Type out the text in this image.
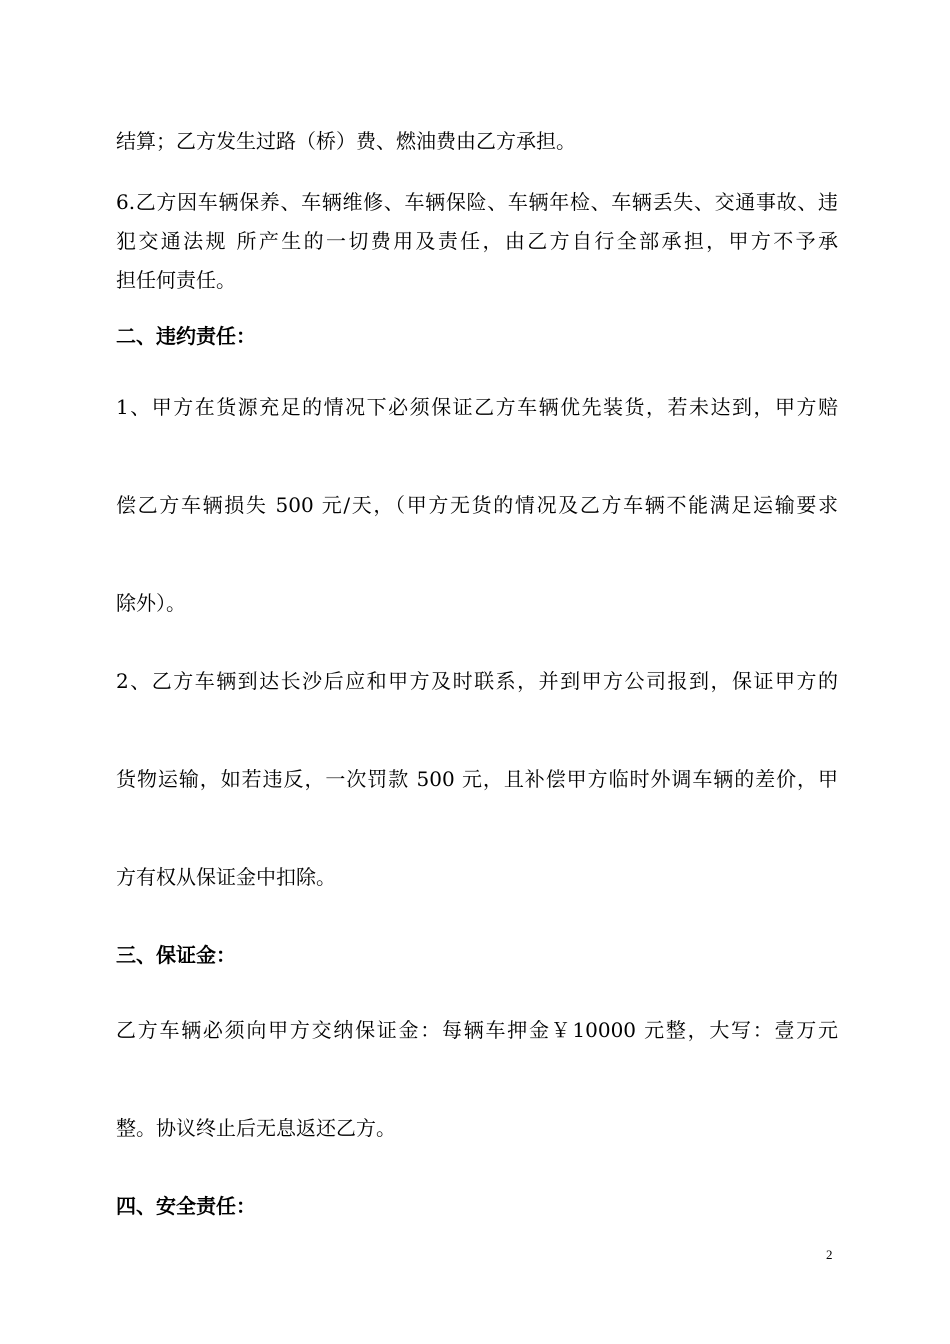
结算；乙方发生过路（桥）费、燃油费由乙方承担。
6.乙方因车辆保养、车辆维修、车辆保险、车辆年检、车辆丢失、交通事故、违
犯交通法规 所产生的一切费用及责任，由乙方自行全部承担，甲方不予承
担任何责任。
二、违约责任：
1、甲方在货源充足的情况下必须保证乙方车辆优先装货，若未达到，甲方赔
偿乙方车辆损失 500 元/天，（甲方无货的情况及乙方车辆不能满足运输要求
除外）。
2、乙方车辆到达长沙后应和甲方及时联系，并到甲方公司报到，保证甲方的
货物运输，如若违反，一次罚款 500 元，且补偿甲方临时外调车辆的差价，甲
方有权从保证金中扣除。
三、保证金：
乙方车辆必须向甲方交纳保证金：每辆车押金￥10000 元整，大写：壹万元
整。协议终止后无息返还乙方。
四、安全责任：
2
